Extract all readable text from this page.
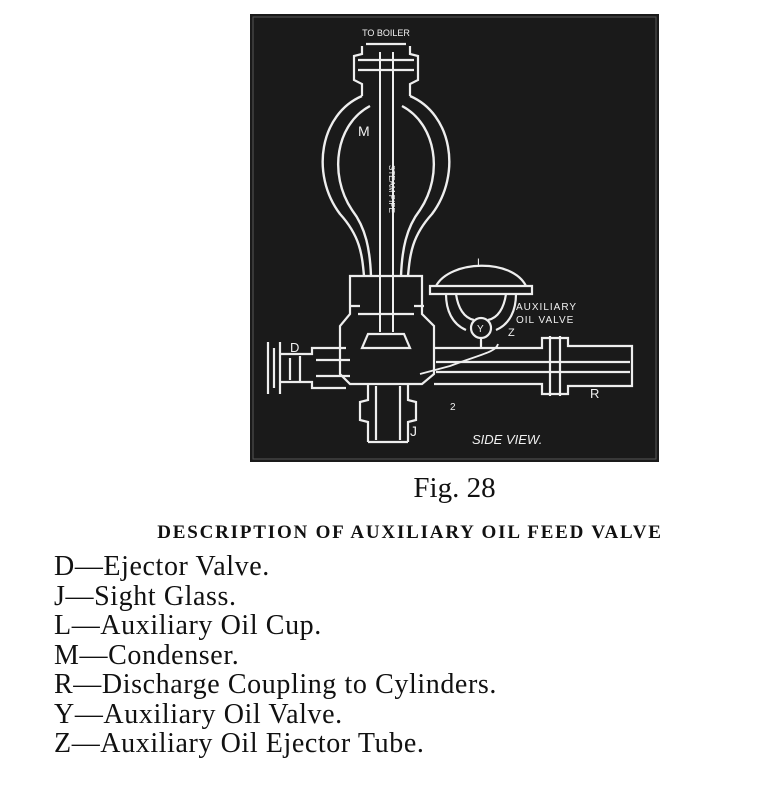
TO BOILER
STEAM PIPE
M
L
AUXILIARY
OIL VALVE
Y Z
D
R
2
J
SIDE VIEW.
Fig. 28
DESCRIPTION OF AUXILIARY OIL FEED VALVE
D—Ejector Valve.
J—Sight Glass.
L—Auxiliary Oil Cup.
M—Condenser.
R—Discharge Coupling to Cylinders.
Y—Auxiliary Oil Valve.
Z—Auxiliary Oil Ejector Tube.
